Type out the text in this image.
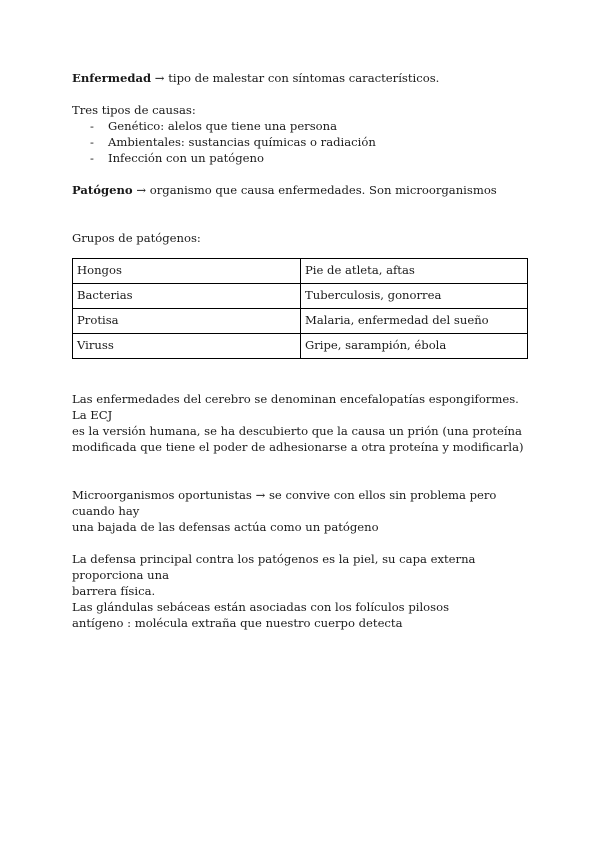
Enfermedad → tipo de malestar con síntomas característicos.

Tres tipos de causas:

- Genético: alelos que tiene una persona
- Ambientales: sustancias químicas o radiación
- Infección con un patógeno

Patógeno → organismo que causa enfermedades. Son microorganismos

Grupos de patógenos:

Hongos	Pie de atleta, aftas
Bacterias	Tuberculosis, gonorrea
Protisa	Malaria, enfermedad del sueño
Viruss	Gripe, sarampión, ébola

Las enfermedades del cerebro se denominan encefalopatías espongiformes. La ECJ

es la versión humana, se ha descubierto que la causa un prión (una proteína

modificada que tiene el poder de adhesionarse a otra proteína y modificarla)

Microorganismos oportunistas → se convive con ellos sin problema pero cuando hay

una bajada de las defensas actúa como un patógeno

La defensa principal contra los patógenos es la piel, su capa externa proporciona una

barrera física.

Las glándulas sebáceas están asociadas con los folículos pilosos

antígeno : molécula extraña que nuestro cuerpo detecta
